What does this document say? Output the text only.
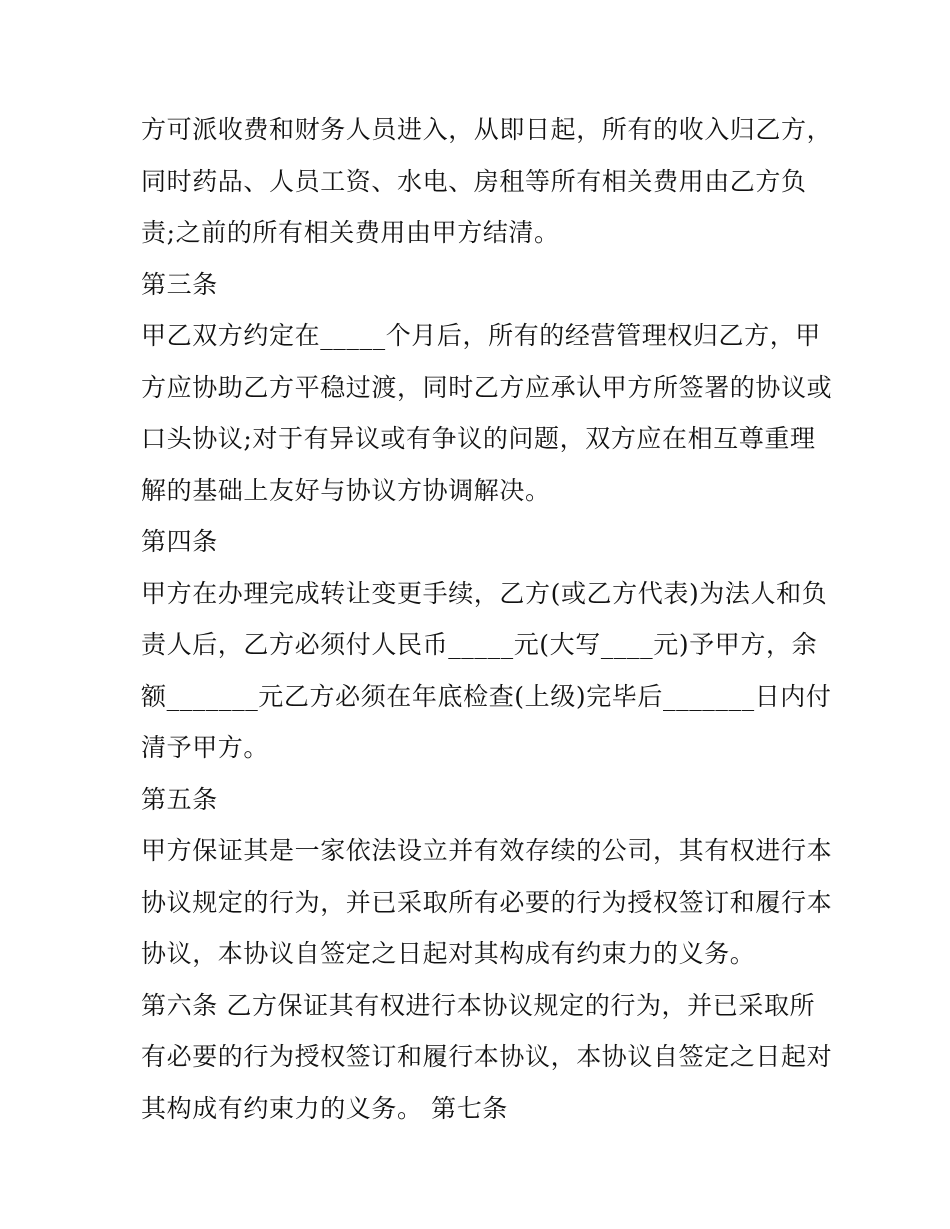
方可派收费和财务人员进入，从即日起，所有的收入归乙方，
同时药品、人员工资、水电、房租等所有相关费用由乙方负
责;之前的所有相关费用由甲方结清。
第三条
甲乙双方约定在_____个月后，所有的经营管理权归乙方，甲
方应协助乙方平稳过渡，同时乙方应承认甲方所签署的协议或
口头协议;对于有异议或有争议的问题，双方应在相互尊重理
解的基础上友好与协议方协调解决。
第四条
甲方在办理完成转让变更手续，乙方(或乙方代表)为法人和负
责人后，乙方必须付人民币_____元(大写____元)予甲方，余
额_______元乙方必须在年底检查(上级)完毕后_______日内付
清予甲方。
第五条
甲方保证其是一家依法设立并有效存续的公司，其有权进行本
协议规定的行为，并已采取所有必要的行为授权签订和履行本
协议，本协议自签定之日起对其构成有约束力的义务。
第六条 乙方保证其有权进行本协议规定的行为，并已采取所
有必要的行为授权签订和履行本协议，本协议自签定之日起对
其构成有约束力的义务。 第七条
